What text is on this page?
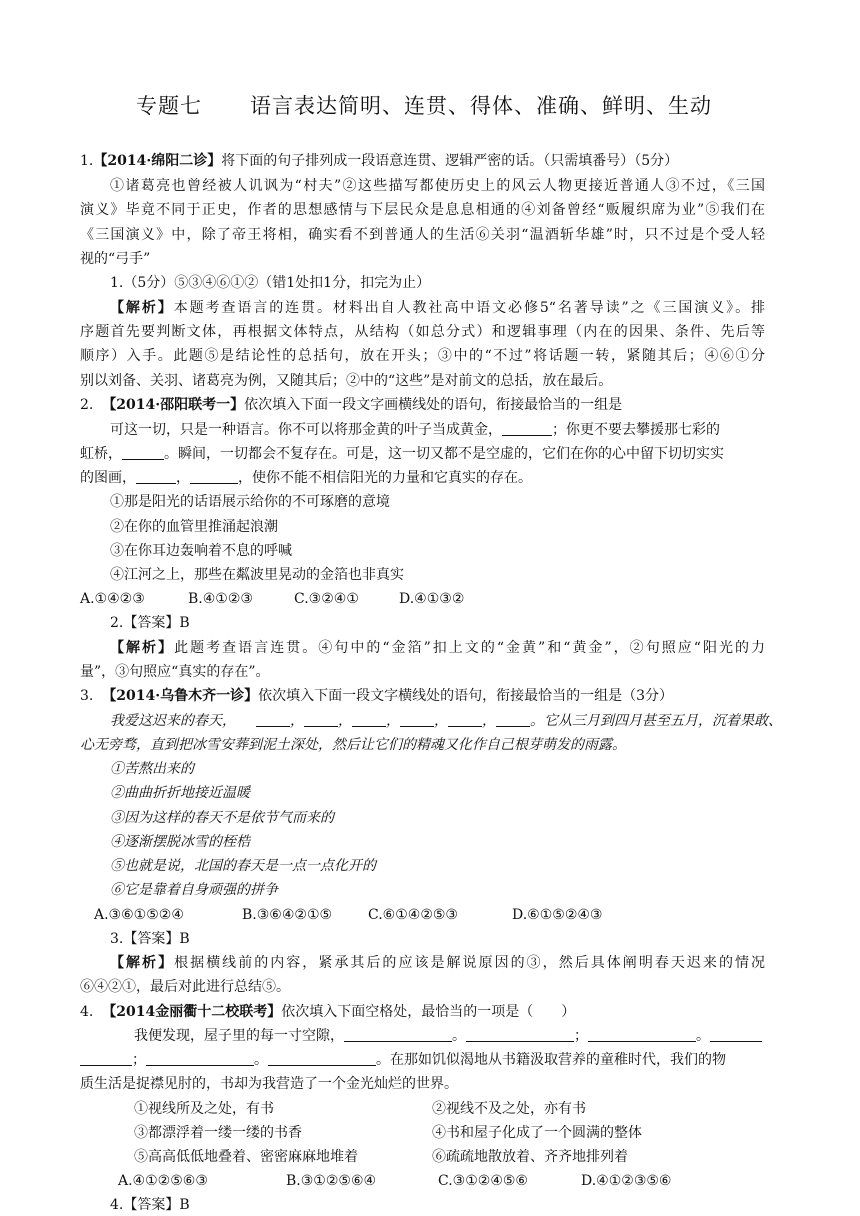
专题七 语言表达简明、连贯、得体、准确、鲜明、生动
1.【2014·绵阳二诊】将下面的句子排列成一段语意连贯、逻辑严密的话。（只需填番号）（5分）
①诸葛亮也曾经被人讥讽为“村夫”②这些描写都使历史上的风云人物更接近普通人③不过，《三国
演义》毕竟不同于正史，作者的思想感情与下层民众是息息相通的④刘备曾经“贩履织席为业”⑤我们在
《三国演义》中，除了帝王将相，确实看不到普通人的生活⑥关羽“温酒斩华雄”时，只不过是个受人轻
视的“弓手”
1.（5分）⑤③④⑥①②（错1处扣1分，扣完为止）
【解析】本题考查语言的连贯。材料出自人教社高中语文必修5“名著导读”之《三国演义》。排
序题首先要判断文体，再根据文体特点，从结构（如总分式）和逻辑事理（内在的因果、条件、先后等
顺序）入手。此题⑤是结论性的总括句，放在开头；③中的“不过”将话题一转，紧随其后；④⑥①分
别以刘备、关羽、诸葛亮为例，又随其后；②中的“这些”是对前文的总括，放在最后。
2. 【2014·邵阳联考一】依次填入下面一段文字画横线处的语句，衔接最恰当的一组是
可这一切，只是一种语言。你不可以将那金黄的叶子当成黄金，	；你更不要去攀援那七彩的
虹桥，	。瞬间，一切都会不复存在。可是，这一切又都不是空虚的，它们在你的心中留下切切实实
的图画，	，	，使你不能不相信阳光的力量和它真实的存在。
①那是阳光的话语展示给你的不可琢磨的意境
②在你的血管里推涌起浪潮
③在你耳边轰响着不息的呼喊
④江河之上，那些在粼波里晃动的金箔也非真实
A.①④②③	B.④①②③	C.③②④①	D.④①③②
2.【答案】B
【解析】此题考查语言连贯。④句中的“金箔”扣上文的“金黄”和“黄金”，②句照应“阳光的力
量”，③句照应“真实的存在”。
3. 【2014·乌鲁木齐一诊】依次填入下面一段文字横线处的语句，衔接最恰当的一组是（3分）
我爱这迟来的春天，	， ， ， ， ， 。它从三月到四月甚至五月，沉着果敢、
心无旁骛，直到把冰雪安葬到泥土深处，然后让它们的精魂又化作自己根芽萌发的雨露。
①苦熬出来的
②曲曲折折地接近温暖
③因为这样的春天不是依节气而来的
④逐渐摆脱冰雪的桎梏
⑤也就是说，北国的春天是一点一点化开的
⑥它是靠着自身顽强的拼争
A.③⑥①⑤②④	B.③⑥④②①⑤	C.⑥①④②⑤③	D.⑥①⑤②④③
3.【答案】B
【解析】根据横线前的内容，紧承其后的应该是解说原因的③，然后具体阐明春天迟来的情况
⑥④②①，最后对此进行总结⑤。
4. 【2014金丽衢十二校联考】依次填入下面空格处，最恰当的一项是（　　）
我便发现，屋子里的每一寸空隙，	。	；	。
；	。	。在那如饥似渴地从书籍汲取营养的童稚时代，我们的物
质生活是捉襟见肘的，书却为我营造了一个金光灿烂的世界。
①视线所及之处，有书	②视线不及之处，亦有书
③都漂浮着一缕一缕的书香	④书和屋子化成了一个圆满的整体
⑤高高低低地叠着、密密麻麻地堆着	⑥疏疏地散放着、齐齐地排列着
A.④①②⑤⑥③	B.③①②⑤⑥④	C.③①②④⑤⑥	D.④①②③⑤⑥
4.【答案】B
